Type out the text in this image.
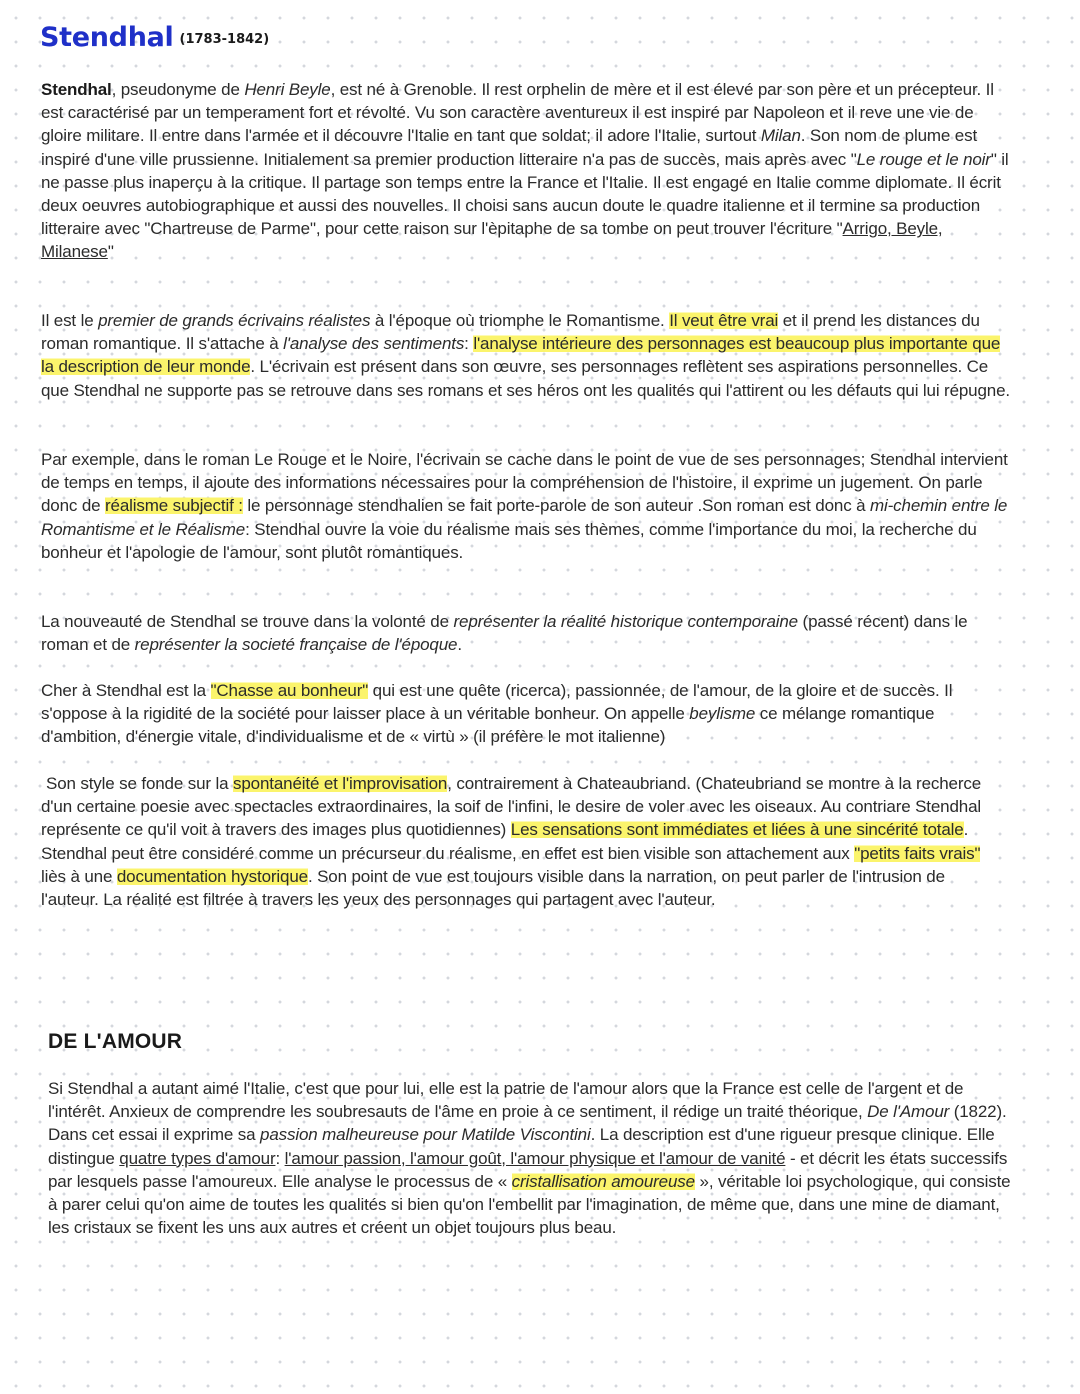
Stendhal (1783-1842)
Stendhal, pseudonyme de Henri Beyle, est né à Grenoble. Il rest orphelin de mère et il est élevé par son père et un précepteur. Il est caractérisé par un temperament fort et révolté. Vu son caractère aventureux il est inspiré par Napoleon et il reve une vie de gloire militare. Il entre dans l'armée et il découvre l'Italie en tant que soldat; il adore l'Italie, surtout Milan. Son nom de plume est inspiré d'une ville prussienne. Initialement sa premier production litteraire n'a pas de succès, mais après avec "Le rouge et le noir" il ne passe plus inaperçu à la critique. Il partage son temps entre la France et l'Italie. Il est engagé en Italie comme diplomate. Il écrit deux oeuvres autobiographique et aussi des nouvelles. Il choisi sans aucun doute le quadre italienne et il termine sa production litteraire avec "Chartreuse de Parme", pour cette raison sur l'èpitaphe de sa tombe on peut trouver l'écriture "Arrigo, Beyle, Milanese"
Il est le premier de grands écrivains réalistes à l'époque où triomphe le Romantisme. Il veut être vrai et il prend les distances du roman romantique. Il s'attache à l'analyse des sentiments: l'analyse intérieure des personnages est beaucoup plus importante que la description de leur monde. L'écrivain est présent dans son œuvre, ses personnages reflètent ses aspirations personnelles. Ce que Stendhal ne supporte pas se retrouve dans ses romans et ses héros ont les qualités qui l'attirent ou les défauts qui lui répugne.
Par exemple, dans le roman Le Rouge et le Noire, l'écrivain se cache dans le point de vue de ses personnages; Stendhal intervient de temps en temps, il ajoute des informations nécessaires pour la compréhension de l'histoire, il exprime un jugement. On parle donc de réalisme subjectif : le personnage stendhalien se fait porte-parole de son auteur .Son roman est donc à mi-chemin entre le Romantisme et le Réalisme: Stendhal ouvre la voie du réalisme mais ses thèmes, comme l'importance du moi, la recherche du bonheur et l'apologie de l'amour, sont plutôt romantiques.
La nouveauté de Stendhal se trouve dans la volonté de représenter la réalité historique contemporaine (passé récent) dans le roman et de représenter la societé française de l'époque.
Cher à Stendhal est la "Chasse au bonheur" qui est une quête (ricerca), passionnée, de l'amour, de la gloire et de succès. Il s'oppose à la rigidité de la société pour laisser place à un véritable bonheur. On appelle beylisme ce mélange romantique d'ambition, d'énergie vitale, d'individualisme et de « virtù » (il préfère le mot italienne)
Son style se fonde sur la spontanéité et l'improvisation, contrairement à Chateaubriand. (Chateubriand se montre à la recherce d'un certaine poesie avec spectacles extraordinaires, la soif de l'infini, le desire de voler avec les oiseaux. Au contriare Stendhal représente ce qu'il voit à travers des images plus quotidiennes) Les sensations sont immédiates et liées à une sincérité totale. Stendhal peut être considéré comme un précurseur du réalisme, en effet est bien visible son attachement aux "petits faits vrais" liès à une documentation hystorique. Son point de vue est toujours visible dans la narration, on peut parler de l'intrusion de l'auteur. La réalité est filtrée à travers les yeux des personnages qui partagent avec l'auteur.
DE L'AMOUR
Si Stendhal a autant aimé l'Italie, c'est que pour lui, elle est la patrie de l'amour alors que la France est celle de l'argent et de l'intérêt. Anxieux de comprendre les soubresauts de l'âme en proie à ce sentiment, il rédige un traité théorique, De l'Amour (1822). Dans cet essai il exprime sa passion malheureuse pour Matilde Viscontini. La description est d'une rigueur presque clinique. Elle distingue quatre types d'amour: l'amour passion, l'amour goût, l'amour physique et l'amour de vanité - et décrit les états successifs par lesquels passe l'amoureux. Elle analyse le processus de « cristallisation amoureuse », véritable loi psychologique, qui consiste à parer celui qu'on aime de toutes les qualités si bien qu'on l'embellit par l'imagination, de même que, dans une mine de diamant, les cristaux se fixent les uns aux autres et créent un objet toujours plus beau.
